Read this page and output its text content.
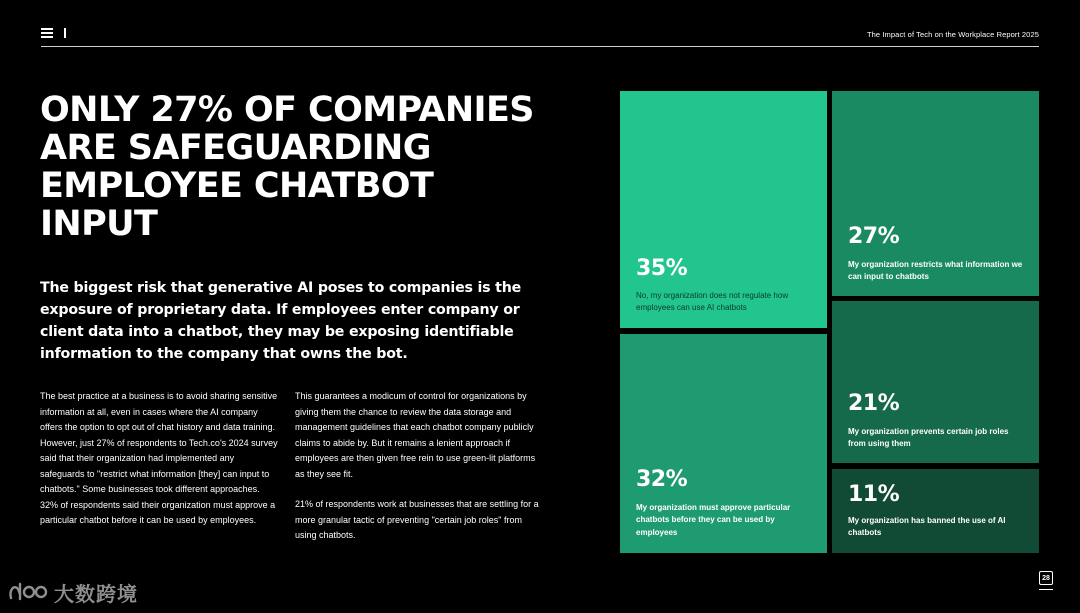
The Impact of Tech on the Workplace Report 2025
ONLY 27% OF COMPANIES
ARE SAFEGUARDING
EMPLOYEE CHATBOT
INPUT
The biggest risk that generative AI poses to companies is the exposure of proprietary data. If employees enter company or client data into a chatbot, they may be exposing identifiable information to the company that owns the bot.

The best practice at a business is to avoid sharing sensitive information at all, even in cases where the AI company offers the option to opt out of chat history and data training. However, just 27% of respondents to Tech.co's 2024 survey said that their organization had implemented any safeguards to "restrict what information [they] can input to chatbots." Some businesses took different approaches. 32% of respondents said their organization must approve a particular chatbot before it can be used by employees.

This guarantees a modicum of control for organizations by giving them the chance to review the data storage and management guidelines that each chatbot company publicly claims to abide by. But it remains a lenient approach if employees are then given free rein to use green-lit platforms as they see fit.

21% of respondents work at businesses that are settling for a more granular tactic of preventing "certain job roles" from using chatbots.

35%
No, my organization does not regulate how employees can use AI chatbots
32%
My organization must approve particular chatbots before they can be used by employees
27%
My organization restricts what information we can input to chatbots
21%
My organization prevents certain job roles from using them
11%
My organization has banned the use of AI chatbots
大数跨境
28
